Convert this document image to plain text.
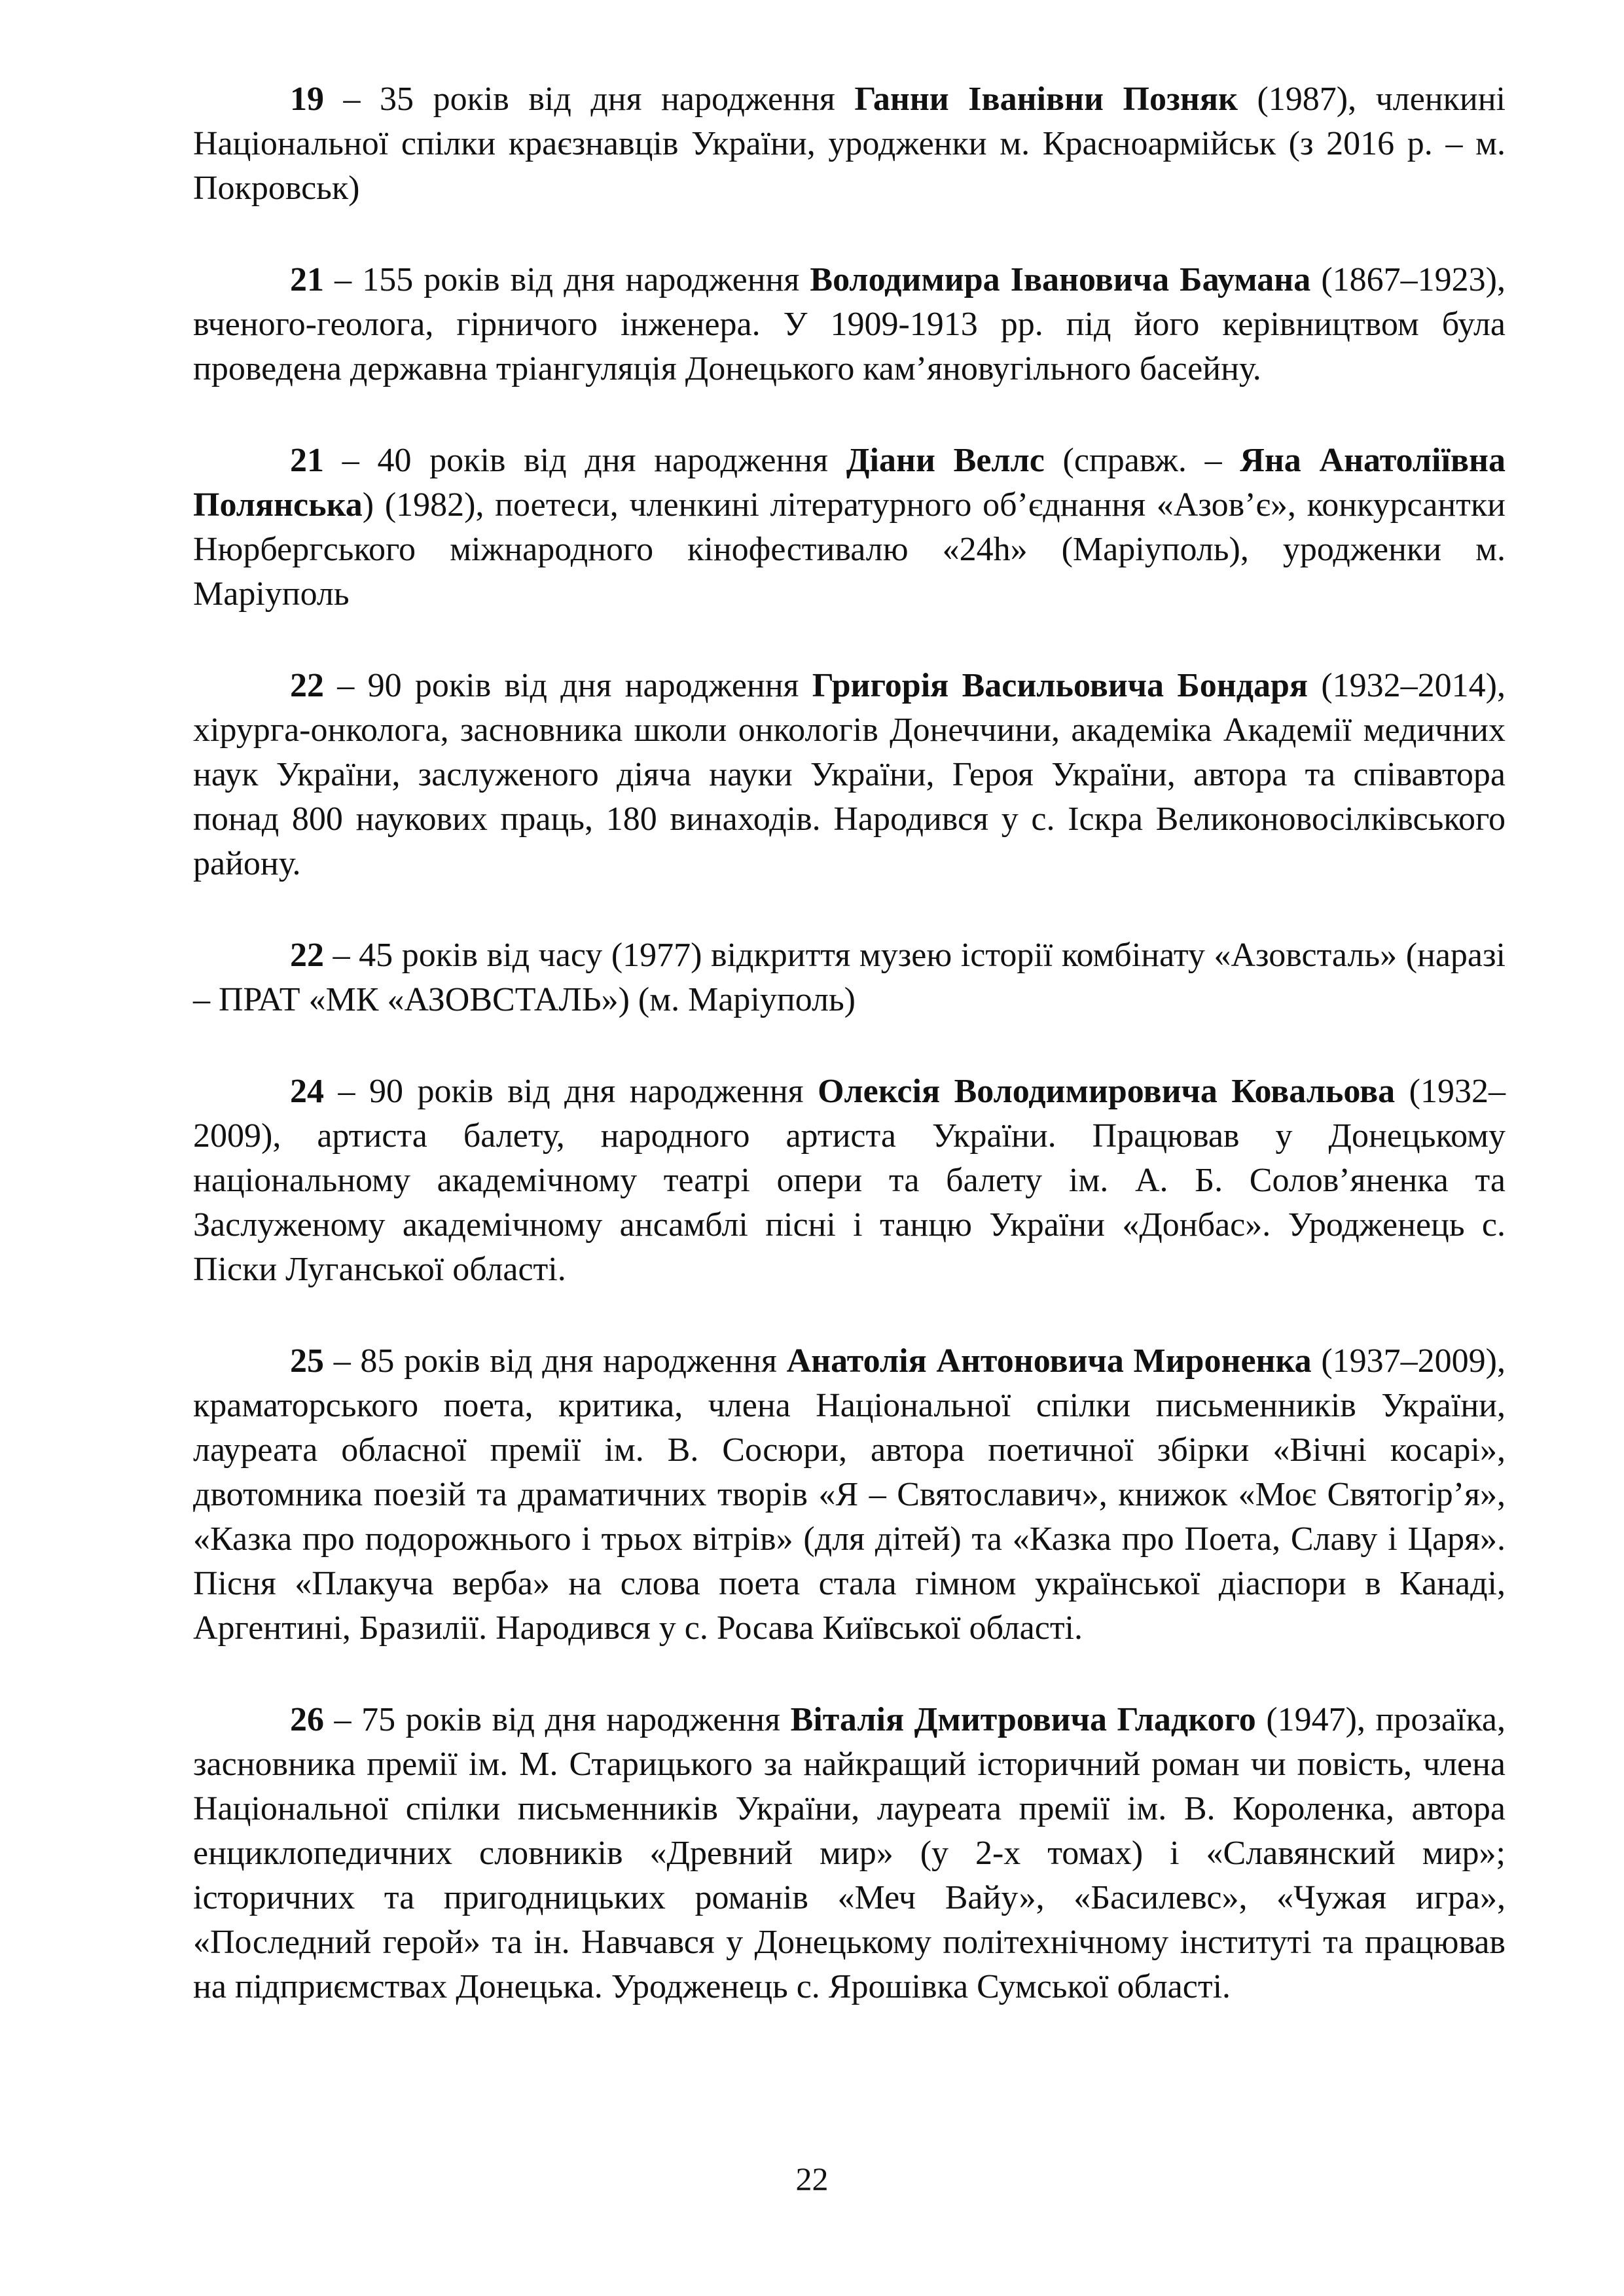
19 – 35 років від дня народження Ганни Іванівни Позняк (1987), членкині Національної спілки краєзнавців України, уродженки м. Красноармійськ (з 2016 р. – м. Покровськ)

21 – 155 років від дня народження Володимира Івановича Баумана (1867–1923), вченого-геолога, гірничого інженера. У 1909-1913 рр. під його керівництвом була проведена державна тріангуляція Донецького кам’яновугільного басейну.

21 – 40 років від дня народження Діани Веллс (справж. – Яна Анатоліївна Полянська) (1982), поетеси, членкині літературного об’єднання «Азов’є», конкурсантки Нюрбергського міжнародного кінофестивалю «24h» (Маріуполь), уродженки м. Маріуполь

22 – 90 років від дня народження Григорія Васильовича Бондаря (1932–2014), хірурга-онколога, засновника школи онкологів Донеччини, академіка Академії медичних наук України, заслуженого діяча науки України, Героя України, автора та співавтора понад 800 наукових праць, 180 винаходів. Народився у с. Іскра Великоновосілківського району.

22 – 45 років від часу (1977) відкриття музею історії комбінату «Азовсталь» (наразі – ПРАТ «МК «АЗОВСТАЛЬ») (м. Маріуполь)

24 – 90 років від дня народження Олексія Володимировича Ковальова (1932–2009), артиста балету, народного артиста України. Працював у Донецькому національному академічному театрі опери та балету ім. А. Б. Солов’яненка та Заслуженому академічному ансамблі пісні і танцю України «Донбас». Уродженець с. Піски Луганської області.

25 – 85 років від дня народження Анатолія Антоновича Мироненка (1937–2009), краматорського поета, критика, члена Національної спілки письменників України, лауреата обласної премії ім. В. Сосюри, автора поетичної збірки «Вічні косарі», двотомника поезій та драматичних творів «Я – Святославич», книжок «Моє Святогір’я», «Казка про подорожнього і трьох вітрів» (для дітей) та «Казка про Поета, Славу і Царя». Пісня «Плакуча верба» на слова поета стала гімном української діаспори в Канаді, Аргентині, Бразилії. Народився у с. Росава Київської області.

26 – 75 років від дня народження Віталія Дмитровича Гладкого (1947), прозаїка, засновника премії ім. М. Старицького за найкращий історичний роман чи повість, члена Національної спілки письменників України, лауреата премії ім. В. Короленка, автора енциклопедичних словників «Древний мир» (у 2-х томах) і «Славянский мир»; історичних та пригодницьких романів «Меч Вайу», «Басилевс», «Чужая игра», «Последний герой» та ін. Навчався у Донецькому політехнічному інституті та працював на підприємствах Донецька. Уродженець с. Ярошівка Сумської області.

22
